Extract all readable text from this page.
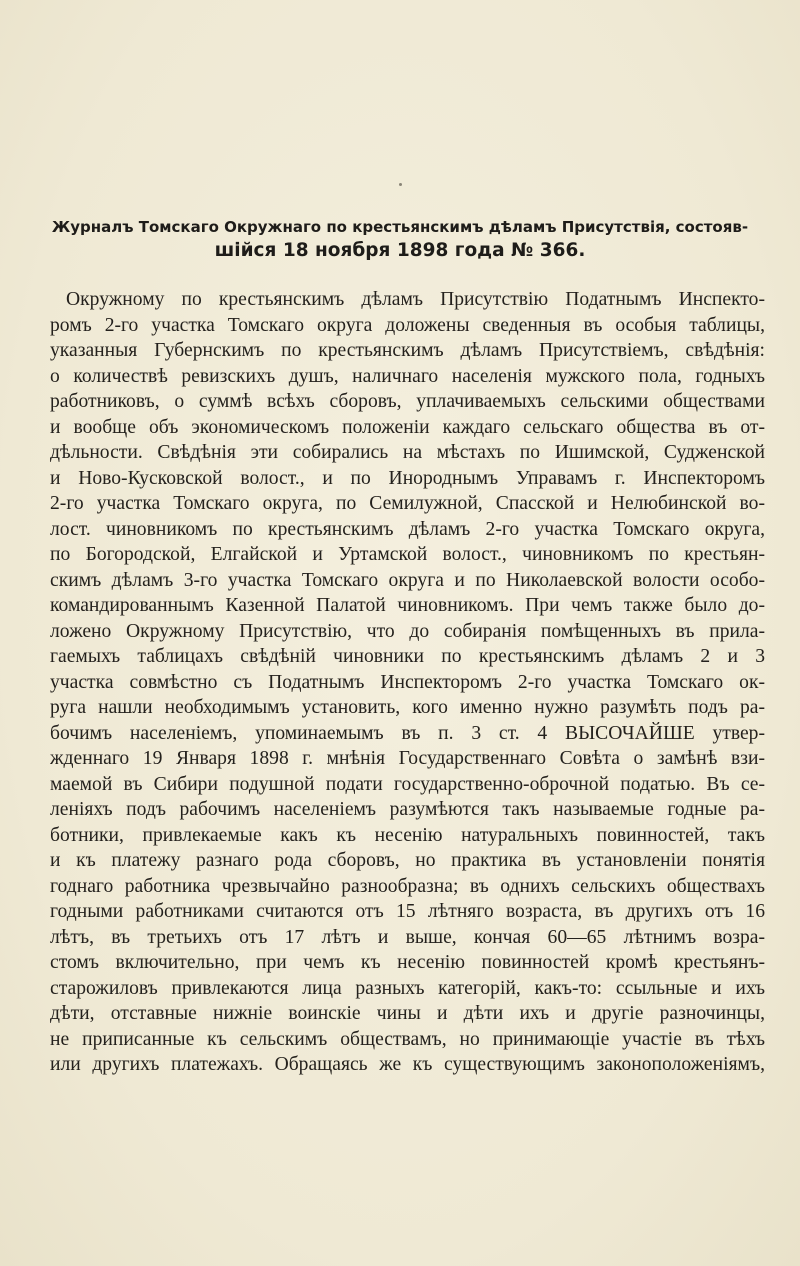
Журналъ Томскаго Окружнаго по крестьянскимъ дѣламъ Присутствія, состояв-
шійся 18 ноября 1898 года № 366.
Окружному по крестьянскимъ дѣламъ Присутствію Податнымъ Инспекто-
ромъ 2-го участка Томскаго округа доложены сведенныя въ особыя таблицы,
указанныя Губернскимъ по крестьянскимъ дѣламъ Присутствіемъ, свѣдѣнія:
о количествѣ ревизскихъ душъ, наличнаго населенія мужского пола, годныхъ
работниковъ, о суммѣ всѣхъ сборовъ, уплачиваемыхъ сельскими обществами
и вообще объ экономическомъ положеніи каждаго сельскаго общества въ от-
дѣльности. Свѣдѣнія эти собирались на мѣстахъ по Ишимской, Судженской
и Ново-Кусковской волост., и по Инороднымъ Управамъ г. Инспекторомъ
2-го участка Томскаго округа, по Семилужной, Спасской и Нелюбинской во-
лост. чиновникомъ по крестьянскимъ дѣламъ 2-го участка Томскаго округа,
по Богородской, Елгайской и Уртамской волост., чиновникомъ по крестьян-
скимъ дѣламъ 3-го участка Томскаго округа и по Николаевской волости особо-
командированнымъ Казенной Палатой чиновникомъ. При чемъ также было до-
ложено Окружному Присутствію, что до собиранія помѣщенныхъ въ прила-
гаемыхъ таблицахъ свѣдѣній чиновники по крестьянскимъ дѣламъ 2 и 3
участка совмѣстно съ Податнымъ Инспекторомъ 2-го участка Томскаго ок-
руга нашли необходимымъ установить, кого именно нужно разумѣть подъ ра-
бочимъ населеніемъ, упоминаемымъ въ п. 3 ст. 4 ВЫСОЧАЙШЕ утвер-
жденнаго 19 Января 1898 г. мнѣнія Государственнаго Совѣта о замѣнѣ взи-
маемой въ Сибири подушной подати государственно-оброчной податью. Въ се-
леніяхъ подъ рабочимъ населеніемъ разумѣются такъ называемые годные ра-
ботники, привлекаемые какъ къ несенію натуральныхъ повинностей, такъ
и къ платежу разнаго рода сборовъ, но практика въ установленіи понятія
годнаго работника чрезвычайно разнообразна; въ однихъ сельскихъ обществахъ
годными работниками считаются отъ 15 лѣтняго возраста, въ другихъ отъ 16
лѣтъ, въ третьихъ отъ 17 лѣтъ и выше, кончая 60—65 лѣтнимъ возра-
стомъ включительно, при чемъ къ несенію повинностей кромѣ крестьянъ-
старожиловъ привлекаются лица разныхъ категорій, какъ-то: ссыльные и ихъ
дѣти, отставные нижніе воинскіе чины и дѣти ихъ и другіе разночинцы,
не приписанные къ сельскимъ обществамъ, но принимающіе участіе въ тѣхъ
или другихъ платежахъ. Обращаясь же къ существующимъ законоположеніямъ,
